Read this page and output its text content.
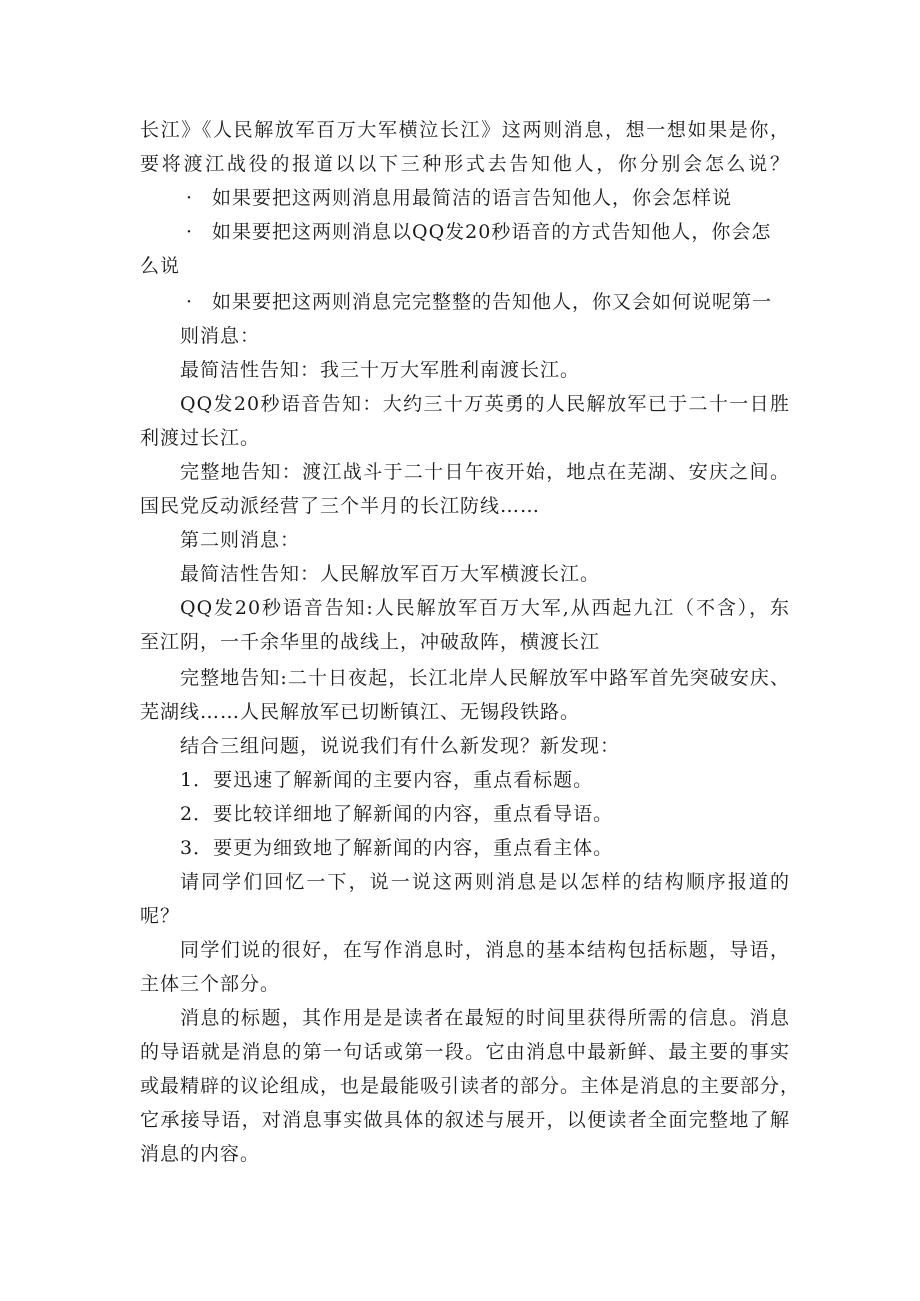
长江》《人民解放军百万大军横泣长江》这两则消息，想一想如果是你，
要将渡江战役的报道以以下三种形式去告知他人，你分别会怎么说？
· 如果要把这两则消息用最简洁的语言告知他人，你会怎样说
· 如果要把这两则消息以QQ发20秒语音的方式告知他人，你会怎
么说
· 如果要把这两则消息完完整整的告知他人，你又会如何说呢第一
则消息：
最简洁性告知：我三十万大军胜利南渡长江。
QQ发20秒语音告知：大约三十万英勇的人民解放军已于二十一日胜
利渡过长江。
完整地告知：渡江战斗于二十日午夜开始，地点在芜湖、安庆之间。
国民党反动派经营了三个半月的长江防线……
第二则消息：
最简洁性告知：人民解放军百万大军横渡长江。
QQ发20秒语音告知:人民解放军百万大军,从西起九江（不含），东
至江阴，一千余华里的战线上，冲破敌阵，横渡长江
完整地告知:二十日夜起，长江北岸人民解放军中路军首先突破安庆、
芜湖线……人民解放军已切断镇江、无锡段铁路。
结合三组问题，说说我们有什么新发现？新发现：
1．要迅速了解新闻的主要内容，重点看标题。
2．要比较详细地了解新闻的内容，重点看导语。
3．要更为细致地了解新闻的内容，重点看主体。
请同学们回忆一下，说一说这两则消息是以怎样的结构顺序报道的
呢？
同学们说的很好，在写作消息时，消息的基本结构包括标题，导语，
主体三个部分。
消息的标题，其作用是是读者在最短的时间里获得所需的信息。消息
的导语就是消息的第一句话或第一段。它由消息中最新鲜、最主要的事实
或最精辟的议论组成，也是最能吸引读者的部分。主体是消息的主要部分，
它承接导语，对消息事实做具体的叙述与展开，以便读者全面完整地了解
消息的内容。
